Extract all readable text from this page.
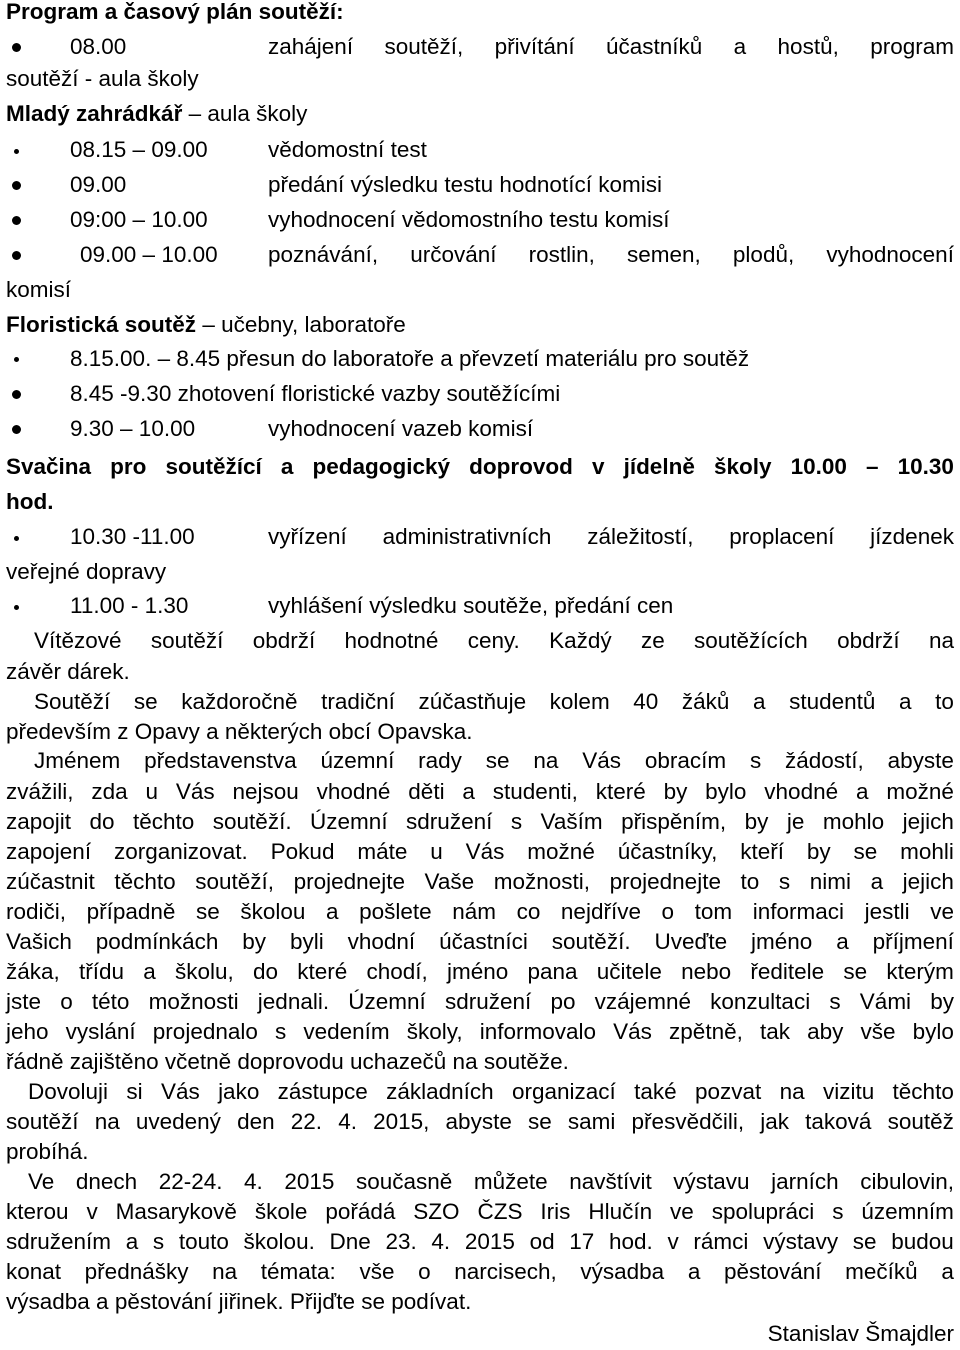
Program a časový plán soutěží:
08.00	zahájení soutěží, přivítání účastníků a hostů, program
soutěží - aula školy
Mladý zahrádkář – aula školy
08.15 – 09.00	vědomostní test
09.00	předání výsledku testu hodnotící komisi
09:00 – 10.00	vyhodnocení vědomostního testu komisí
09.00 – 10.00	poznávání, určování rostlin, semen, plodů, vyhodnocení
komisí
Floristická soutěž – učebny, laboratoře
8.15.00. – 8.45 přesun do laboratoře a převzetí materiálu pro soutěž
8.45 -9.30 zhotovení floristické vazby soutěžícími
9.30 – 10.00	vyhodnocení vazeb komisí
Svačina pro soutěžící a pedagogický doprovod v jídelně školy 10.00 – 10.30
hod.
10.30 -11.00	vyřízení administrativních záležitostí, proplacení jízdenek
veřejné dopravy
11.00 - 1.30	vyhlášení výsledku soutěže, předání cen
Vítězové soutěží obdrží hodnotné ceny. Každý ze soutěžících obdrží na
závěr dárek.
Soutěží se každoročně tradiční zúčastňuje kolem 40 žáků a studentů a to
především z Opavy a některých obcí Opavska.
Jménem představenstva územní rady se na Vás obracím s žádostí, abyste
zvážili, zda u Vás nejsou vhodné děti a studenti, které by bylo vhodné a možné
zapojit do těchto soutěží. Územní sdružení s Vaším přispěním, by je mohlo jejich
zapojení zorganizovat. Pokud máte u Vás možné účastníky, kteří by se mohli
zúčastnit těchto soutěží, projednejte Vaše možnosti, projednejte to s nimi a jejich
rodiči, případně se školou a pošlete nám co nejdříve o tom informaci jestli ve
Vašich podmínkách by byli vhodní účastníci soutěží. Uveďte jméno a příjmení
žáka, třídu a školu, do které chodí, jméno pana učitele nebo ředitele se kterým
jste o této možnosti jednali. Územní sdružení po vzájemné konzultaci s Vámi by
jeho vyslání projednalo s vedením školy, informovalo Vás zpětně, tak aby vše bylo
řádně zajištěno včetně doprovodu uchazečů na soutěže.
Dovoluji si Vás jako zástupce základních organizací také pozvat na vizitu těchto
soutěží na uvedený den 22. 4. 2015, abyste se sami přesvědčili, jak taková soutěž
probíhá.
Ve dnech 22-24. 4. 2015 současně můžete navštívit výstavu jarních cibulovin,
kterou v Masarykově škole pořádá SZO ČZS Iris Hlučín ve spolupráci s územním
sdružením a s touto školou. Dne 23. 4. 2015 od 17 hod. v rámci výstavy se budou
konat přednášky na témata: vše o narcisech, výsadba a pěstování mečíků a
výsadba a pěstování jiřinek. Přijďte se podívat.
Stanislav Šmajdler
